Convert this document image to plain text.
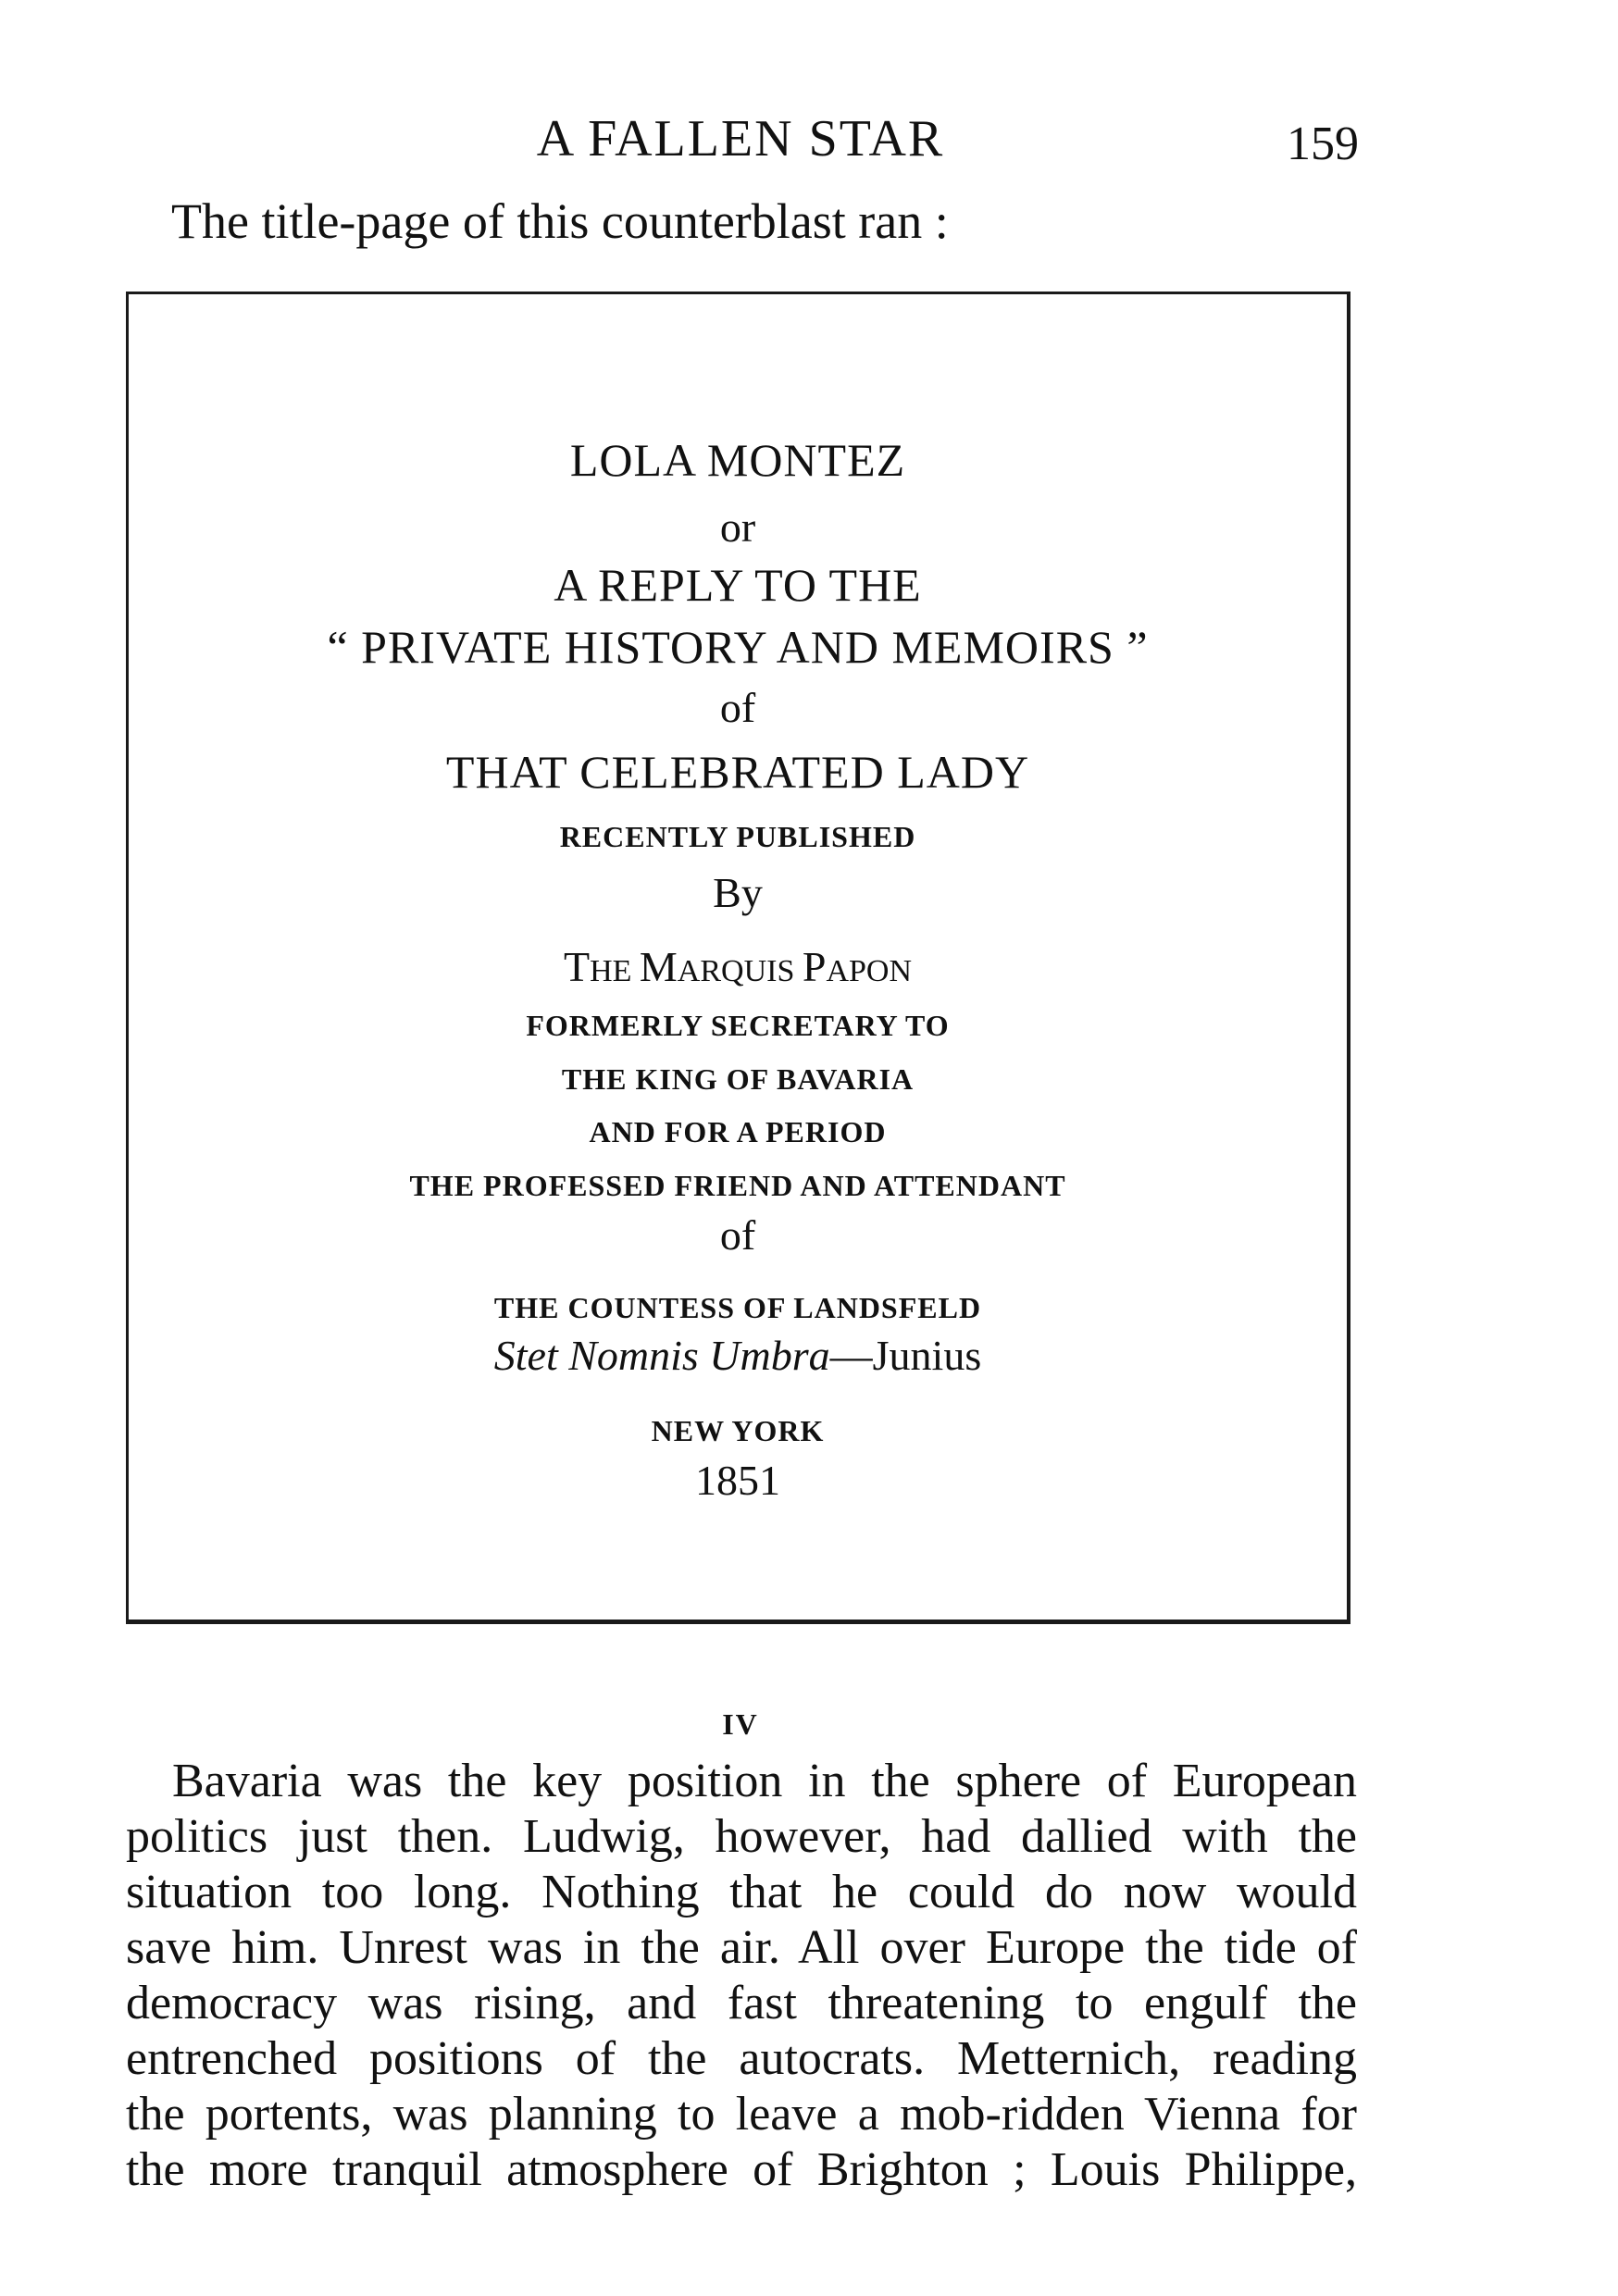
A FALLEN STAR	159
The title-page of this counterblast ran :
LOLA MONTEZ
or
A REPLY TO THE
“ PRIVATE HISTORY AND MEMOIRS ”
of
THAT CELEBRATED LADY
RECENTLY PUBLISHED
By
THE MARQUIS PAPON
FORMERLY SECRETARY TO
THE KING OF BAVARIA
AND FOR A PERIOD
THE PROFESSED FRIEND AND ATTENDANT
of
THE COUNTESS OF LANDSFELD
Stet Nomnis Umbra—Junius
NEW YORK
1851
IV
Bavaria was the key position in the sphere of European
politics just then. Ludwig, however, had dallied with the
situation too long. Nothing that he could do now would
save him. Unrest was in the air. All over Europe the tide of
democracy was rising, and fast threatening to engulf the
entrenched positions of the autocrats. Metternich, reading
the portents, was planning to leave a mob-ridden Vienna for
the more tranquil atmosphere of Brighton ; Louis Philippe,
